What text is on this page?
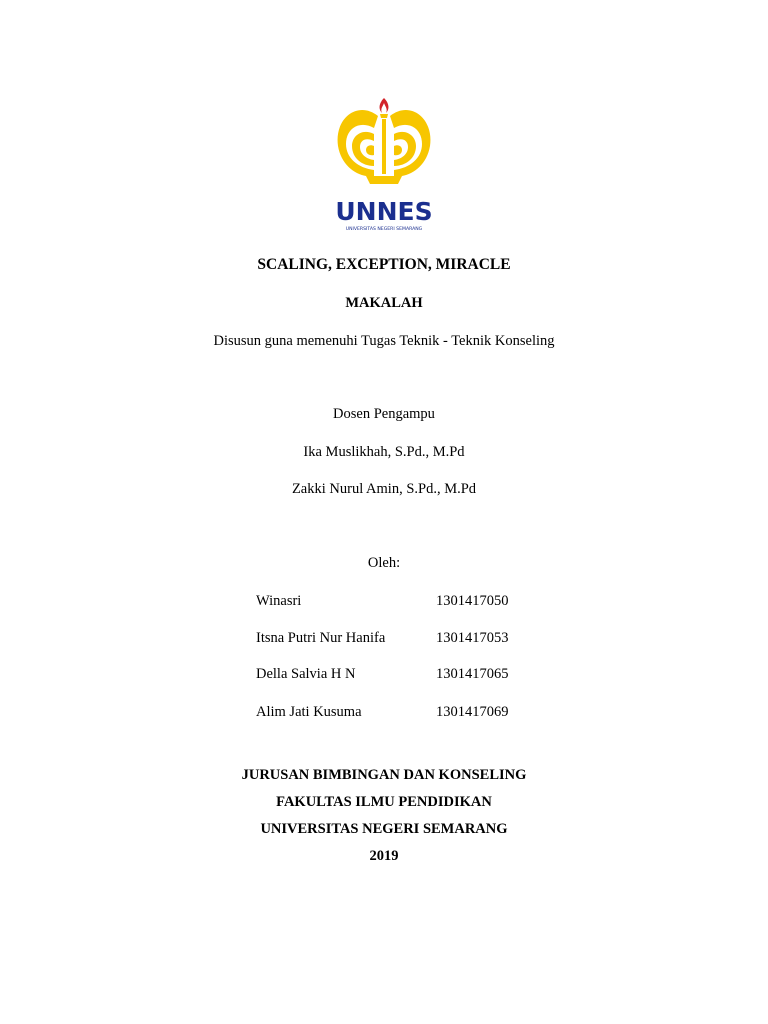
UNNES
UNIVERSITAS NEGERI SEMARANG
SCALING, EXCEPTION, MIRACLE
MAKALAH
Disusun guna memenuhi Tugas Teknik - Teknik Konseling
Dosen Pengampu
Ika Muslikhah, S.Pd., M.Pd
Zakki Nurul Amin, S.Pd., M.Pd
Oleh:
Winasri	1301417050
Itsna Putri Nur Hanifa	1301417053
Della Salvia H N	1301417065
Alim Jati Kusuma	1301417069
JURUSAN BIMBINGAN DAN KONSELING
FAKULTAS ILMU PENDIDIKAN
UNIVERSITAS NEGERI SEMARANG
2019
